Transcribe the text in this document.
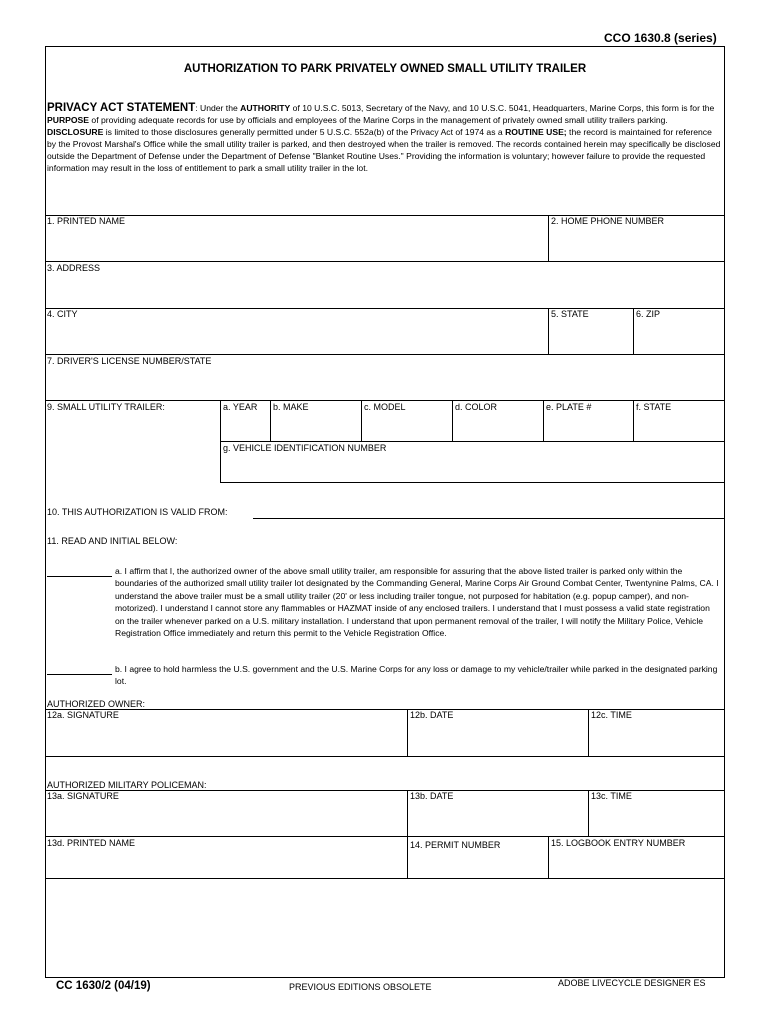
CCO 1630.8 (series)
AUTHORIZATION TO PARK PRIVATELY OWNED SMALL UTILITY TRAILER
PRIVACY ACT STATEMENT: Under the AUTHORITY of 10 U.S.C. 5013, Secretary of the Navy, and 10 U.S.C. 5041, Headquarters, Marine Corps, this form is for the PURPOSE of providing adequate records for use by officials and employees of the Marine Corps in the management of privately owned small utility trailers parking. DISCLOSURE is limited to those disclosures generally permitted under 5 U.S.C. 552a(b) of the Privacy Act of 1974 as a ROUTINE USE; the record is maintained for reference by the Provost Marshal's Office while the small utility trailer is parked, and then destroyed when the trailer is removed. The records contained herein may specifically be disclosed outside the Department of Defense under the Department of Defense "Blanket Routine Uses." Providing the information is voluntary; however failure to provide the requested information may result in the loss of entitlement to park a small utility trailer in the lot.
1. PRINTED NAME	2. HOME PHONE NUMBER
3. ADDRESS
4. CITY	5. STATE	6. ZIP
7. DRIVER'S LICENSE NUMBER/STATE
9. SMALL UTILITY TRAILER:	a. YEAR b. MAKE	c. MODEL	d. COLOR	e. PLATE #	f. STATE
g. VEHICLE IDENTIFICATION NUMBER
10. THIS AUTHORIZATION IS VALID FROM:
11. READ AND INITIAL BELOW:
a. I affirm that I, the authorized owner of the above small utility trailer, am responsible for assuring that the above listed trailer is parked only within the boundaries of the authorized small utility trailer lot designated by the Commanding General, Marine Corps Air Ground Combat Center, Twentynine Palms, CA. I understand the above trailer must be a small utility trailer (20' or less including trailer tongue, not purposed for habitation (e.g. popup camper), and non-motorized). I understand I cannot store any flammables or HAZMAT inside of any enclosed trailers. I understand that I must possess a valid state registration on the trailer whenever parked on a U.S. military installation. I understand that upon permanent removal of the trailer, I will notify the Military Police, Vehicle Registration Office immediately and return this permit to the Vehicle Registration Office.
b. I agree to hold harmless the U.S. government and the U.S. Marine Corps for any loss or damage to my vehicle/trailer while parked in the designated parking lot.
AUTHORIZED OWNER:
12a. SIGNATURE	12b. DATE	12c. TIME
AUTHORIZED MILITARY POLICEMAN:
13a. SIGNATURE	13b. DATE	13c. TIME
13d. PRINTED NAME	14. PERMIT NUMBER	15. LOGBOOK ENTRY NUMBER
CC 1630/2 (04/19)	PREVIOUS EDITIONS OBSOLETE	ADOBE LIVECYCLE DESIGNER ES
